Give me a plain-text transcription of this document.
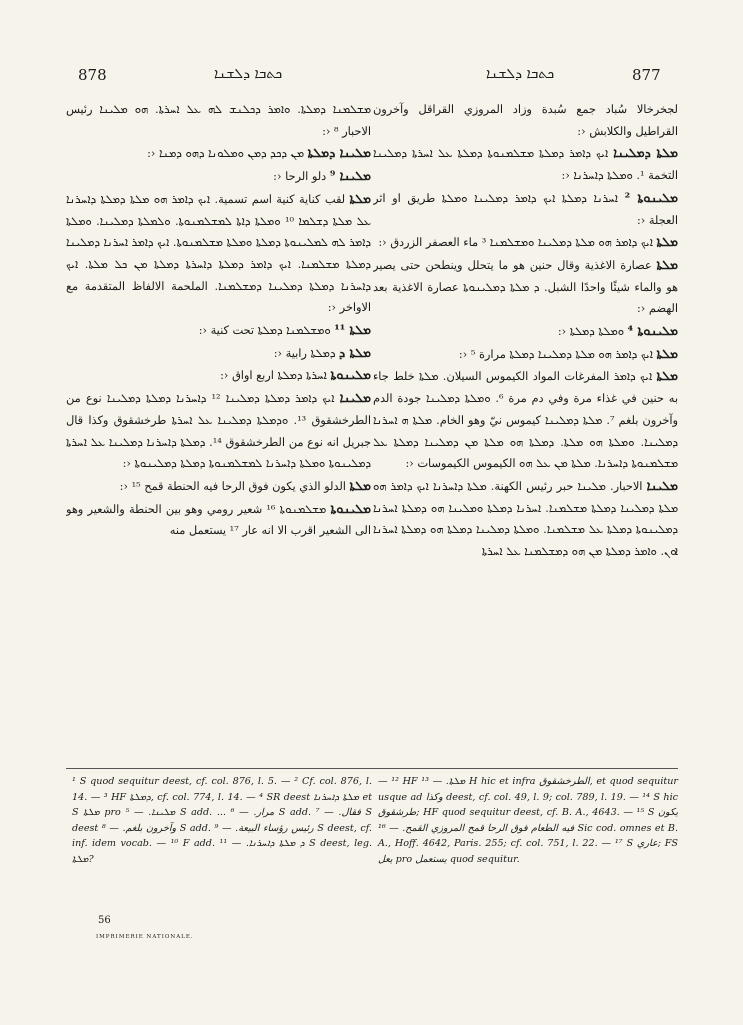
878	ܟܬܒܐ ܕܠܫܢܐ	ܟܬܒܐ ܕܠܫܢܐ	877

ܡܫܠܡܢܐ ܕܡܠܬܐ. ܘܐܡܪ ܕܟܠܢܫ ܠܗ ܥܠ ܐܚܪܬܐ. ܗܘ ܡܠܝܢܐ رئيس الاحبار ⁸ ‹:

ܡܠܝܢܐ ܕܡܠܬܐ ܡܢ ܕܟܕ ܕܡܢ ܘܡܠܘܢܐ ܕܗܘ ܕܡܢܐ ‹:

ܡܠܝܢܐ ⁹ دلو الرحا ‹:

ܡܠܬܐ لقب كناية كنية اسم تسمية. ܐܝܟ ܕܐܡܪ ܗܘ ܡܠܬܐ ܕܡܠܬܐ ܕܐܚܪܢܐ ܥܠ ܡܠܬܐ ܕܫܠܡܐ ¹⁰ ܘܡܠܬܐ ܕܐܬܐ ܠܡܫܠܡܢܘܬܐ. ܘܠܡܠܬܐ ܕܡܠܝܢܐ. ܘܡܠܬܐ ܕܐܡܪ ܠܗ ܠܡܠܝܢܘܬܐ ܕܡܠܬܐ ܘܡܠܬܐ ܡܫܠܡܢܘܬܐ. ܐܝܟ ܕܐܡܪ ܐܚܪܢܐ ܕܡܠܝܢܐ ܕܡܠܬܐ ܡܫܠܡܢܐ. ܐܝܟ ܕܐܡܪ ܕܡܠܬܐ ܕܐܚܪܬܐ ܕܡܠܬܐ ܡܢ ܟܠ ܡܠܬܐ. ܐܝܟ ܕܐܚܪܢܐ ܕܡܠܬܐ ܕܡܠܝܢܐ ܕܡܫܠܡܢܐ. الملحمة الالفاظ المتقدمة مع الاواخر ‹:

ܡܠܬܐ ¹¹ ܘܡܫܠܡܢܐ ܕܡܠܬܐ تحت كنية ‹:

ܡܠܬܐ ܕ ܕܡܠܬܐ رابية ‹:

ܡܠܝܢܘܬܐ ܐܚܪܬܐ ܕܡܠܬܐ اربع اواق ‹:

ܡܠܝܢܐ ܐܝܟ ܕܐܡܪ ܕܡܠܬܐ ܕܡܠܝܢܐ ¹² ܕܐܚܪܢܐ ܕܡܠܬܐ ܕܡܠܝܢܐ نوع من الطرخشقوق ¹³. ܘܕܡܠܬܐ ܕܡܠܝܢܐ ܥܠ ܐܚܪܬܐ طرخشقوق وكذا قال جبريل انه نوع من الطرخشقوق ¹⁴. ܕܡܠܬܐ ܕܐܚܪܢܐ ܕܡܠܝܢܐ ܥܠ ܐܚܪܬܐ ܕܡܠܝܢܘܬܐ ܘܡܠܬܐ ܕܐܚܪܢܐ ܠܡܫܠܡܢܘܬܐ ܕܡܠܬܐ ܕܡܠܝܢܘܬܐ ‹:

ܡܠܬܐ الدلو الذي يكون فوق الرحا فيه الحنطة قمح ¹⁵ ‹:

ܡܠܝܢܘܬܐ ܡܫܠܡܢܘܬܐ ¹⁶ شعير رومي وهو بين الحنطة والشعير وهو الى الشعير اقرب الا انه عار ¹⁷ يستعمل منه

لجخرخالا سُباد جمع سُبدة وزاد المروزي القراقل وآخرون القراطيل والكلابش ‹:

ܡܠܬܐ ܕܡܠܝܢܐ ܐܝܟ ܕܐܡܪ ܕܡܠܬܐ ܡܫܠܡܢܘܬܐ ܕܡܠܬܐ ܥܠ ܐܚܪܬܐ ܕܡܠܝܢܐ التخمة ¹. ܘܡܠܬܐ ܕܐܚܪܢܐ ‹:

ܡܠܝܢܘܬܐ ² ܐܚܪܢܐ ܕܡܠܬܐ ܐܝܟ ܕܐܡܪ ܕܡܠܝܢܐ ܘܡܠܬܐ طريق او اثر العجلة ‹:

ܡܠܬܐ ܐܝܟ ܕܐܡܪ ܗܘ ܡܠܬܐ ܕܡܠܝܢܐ ܘܡܫܠܡܢܐ ³ ماء العصفر الزردق ‹:

ܡܠܬܐ عصارة الاغذية وقال حنين هو ما يتحلل وينطحن حتى يصير هو والماء شيئًا واحدًا الشبل. ܕ ܡܠܬܐ ܕܡܠܝܢܘܬܐ عصارة الاغذية بعد الهضم ‹:

ܡܠܝܢܘܬܐ ⁴ ܘܡܠܬܐ ܕܡܠܬܐ ‹:

ܡܠܬܐ ܐܝܟ ܕܐܡܪ ܗܘ ܡܠܬܐ ܕܡܠܝܢܐ ܕܡܠܬܐ مرارة ⁵ ‹:

ܡܠܬܐ ܐܝܟ ܕܐܡܪ المفرغات المواد الكيموس السيلان. ܡܠܬܐ خلط جاء به حنين في غذاء مرة وفي دم مرة ⁶. ܘܡܠܬܐ ܕܡܠܝܢܐ جودة الدم وآخرون بلغم ⁷. ܡܠܬܐ ܕܡܠܝܢܐ كيموس نيّ وهو الخام. ܡܠܬܐ ܗ ܐܚܪܢܐ ܕܡܠܝܢܐ. ܘܡܠܬܐ ܗܘ ܡܠܬܐ. ܕܡܠܬܐ ܗܘ ܡܠܬܐ ܡܢ ܕܡܠܝܢܐ ܕܡܠܬܐ ܥܠ ܡܫܠܡܢܘܬܐ ܕܐܚܪܢܐ. ܡܠܬܐ ܡܢ ܥܠ ܗܘ الكيموس الكيموسات ‹:

ܡܠܝܢܐ الاحبار. ܡܠܝܢܐ حبر رئيس الكهنة. ܡܠܬܐ ܕܐܚܪܢܐ ܐܝܟ ܕܐܡܪ ܗܘ ܡܠܬܐ ܕܡܠܝܢܐ ܕܡܠܬܐ ܡܫܠܡܢܐ. ܐܚܪܢܐ ܕܡܠܬܐ ܘܡܠܝܢܐ ܗܘ ܕܡܠܬܐ ܐܚܪܢܐ ܕܡܠܝܢܘܬܐ ܕܡܠܬܐ ܥܠ ܡܫܠܡܢܐ. ܘܡܠܬܐ ܕܡܠܝܢܐ ܕܡܠܬܐ ܗܘ ܕܡܠܬܐ ܐܚܪܢܐ ܐܘܢ. ܘܐܡܪ ܕܡܠܬܐ ܡܢ ܗܘ ܕܡܫܠܡܢܐ ܥܠ ܐܚܪܬܐ

¹ S quod sequitur deest, cf. col. 876, l. 5. — ² Cf. col. 876, l. 14. — ³ HF ܕܡܠܬܐ, cf. col. 774, l. 14. — ⁴ SR deest ܡܠܬܐ ܕܐܚܪܢܐ et S ܡܠܬܐ pro ܡܠܝܢܐ. — ⁵ S add. ... مرار. — ⁶ S add. فقال. — ⁷ S deest وآخرون بلغم. — ⁸ S add. رئيس رؤساء البيعة. — ⁹ S deest, cf. inf. idem vocab. — ¹⁰ F add. ܕ ܡܠܬܐ ܕܐܚܪܢܐ. — ¹¹ S deest, leg. ܡܠܬܐ?

— ¹² HF ܡܠܬܐ. — ¹³ H hic et infra الطرخشقوق, et quod sequitur usque ad وكذا deest, cf. col. 49, l. 9; col. 789, l. 19. — ¹⁴ S hic طرشقوق; HF quod sequitur deest, cf. B. A., 4643. — ¹⁵ S يكون فيه الطعام فوق الرحا قمح المروزي القمح. — ¹⁶ Sic cod. omnes et B. A., Hoff. 4642, Paris. 255; cf. col. 751, l. 22. — ¹⁷ S عاري; FS يعل pro يستعمل quod sequitur.

56
IMPRIMERIE NATIONALE.
